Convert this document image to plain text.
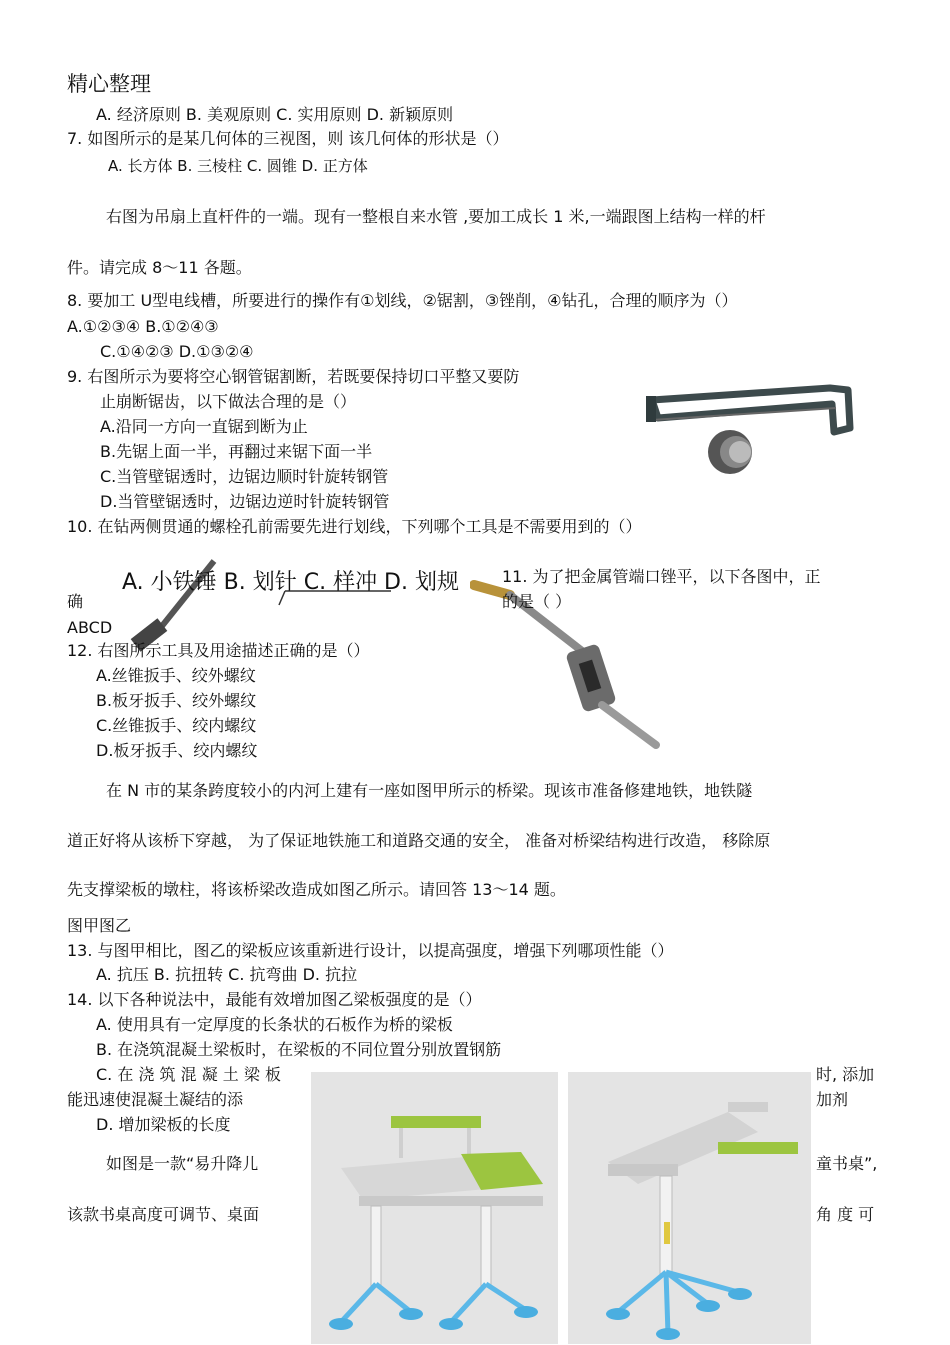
精心整理
A. 经济原则 B. 美观原则 C. 实用原则 D. 新颖原则
7. 如图所示的是某几何体的三视图，则 该几何体的形状是（）
A. 长方体 B. 三棱柱 C. 圆锥 D. 正方体
右图为吊扇上直杆件的一端。现有一整根自来水管 ,要加工成长 1 米,一端跟图上结构一样的杆
件。请完成 8～11 各题。
8. 要加工 U型电线槽，所要进行的操作有①划线，②锯割，③锉削，④钻孔，合理的顺序为（）
A.①②③④ B.①②④③
C.①④②③ D.①③②④
9. 右图所示为要将空心钢管锯割断，若既要保持切口平整又要防
止崩断锯齿，以下做法合理的是（）
A.沿同一方向一直锯到断为止
B.先锯上面一半，再翻过来锯下面一半
C.当管壁锯透时，边锯边顺时针旋转钢管
D.当管壁锯透时，边锯边逆时针旋转钢管
10. 在钻两侧贯通的螺栓孔前需要先进行划线，下列哪个工具是不需要用到的（）
A. 小铁锤 B. 划针 C. 样冲 D. 划规	11. 为了把金属管端口锉平，以下各图中，正
确	的是（ ）
ABCD
12. 右图所示工具及用途描述正确的是（）
A.丝锥扳手、绞外螺纹
B.板牙扳手、绞外螺纹
C.丝锥扳手、绞内螺纹
D.板牙扳手、绞内螺纹
在 N 市的某条跨度较小的内河上建有一座如图甲所示的桥梁。现该市准备修建地铁，地铁隧
道正好将从该桥下穿越， 为了保证地铁施工和道路交通的安全， 准备对桥梁结构进行改造， 移除原
先支撑梁板的墩柱，将该桥梁改造成如图乙所示。请回答 13～14 题。
图甲图乙
13. 与图甲相比，图乙的梁板应该重新进行设计，以提高强度，增强下列哪项性能（）
A. 抗压 B. 抗扭转 C. 抗弯曲 D. 抗拉
14. 以下各种说法中，最能有效增加图乙梁板强度的是（）
A. 使用具有一定厚度的长条状的石板作为桥的梁板
B. 在浇筑混凝土梁板时，在梁板的不同位置分别放置钢筋
C. 在 浇 筑 混 凝 土 梁 板	时, 添加
能迅速使混凝土凝结的添	加剂
D. 增加梁板的长度
如图是一款“易升降儿	童书桌”,
该款书桌高度可调节、桌面	角 度 可
